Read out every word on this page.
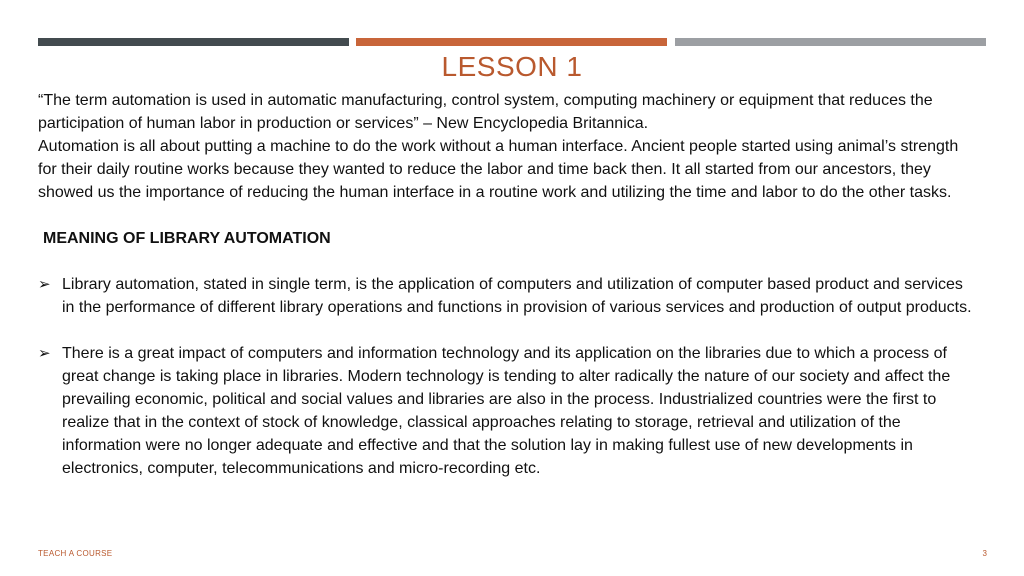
LESSON 1

“The term automation is used in automatic manufacturing, control system, computing machinery or equipment that reduces the participation of human labor in production or services” – New Encyclopedia Britannica.

Automation is all about putting a machine to do the work without a human interface. Ancient people started using animal’s strength for their daily routine works because they wanted to reduce the labor and time back then. It all started from our ancestors, they showed us the importance of reducing the human interface in a routine work and utilizing the time and labor to do the other tasks.

MEANING OF LIBRARY AUTOMATION

➢ Library automation, stated in single term, is the application of computers and utilization of computer based product and services in the performance of different library operations and functions in provision of various services and production of output products.
➢ There is a great impact of computers and information technology and its application on the libraries due to which a process of great change is taking place in libraries. Modern technology is tending to alter radically the nature of our society and affect the prevailing economic, political and social values and libraries are also in the process. Industrialized countries were the first to realize that in the context of stock of knowledge, classical approaches relating to storage, retrieval and utilization of the information were no longer adequate and effective and that the solution lay in making fullest use of new developments in electronics, computer, telecommunications and micro-recording etc.
TEACH A COURSE	3
